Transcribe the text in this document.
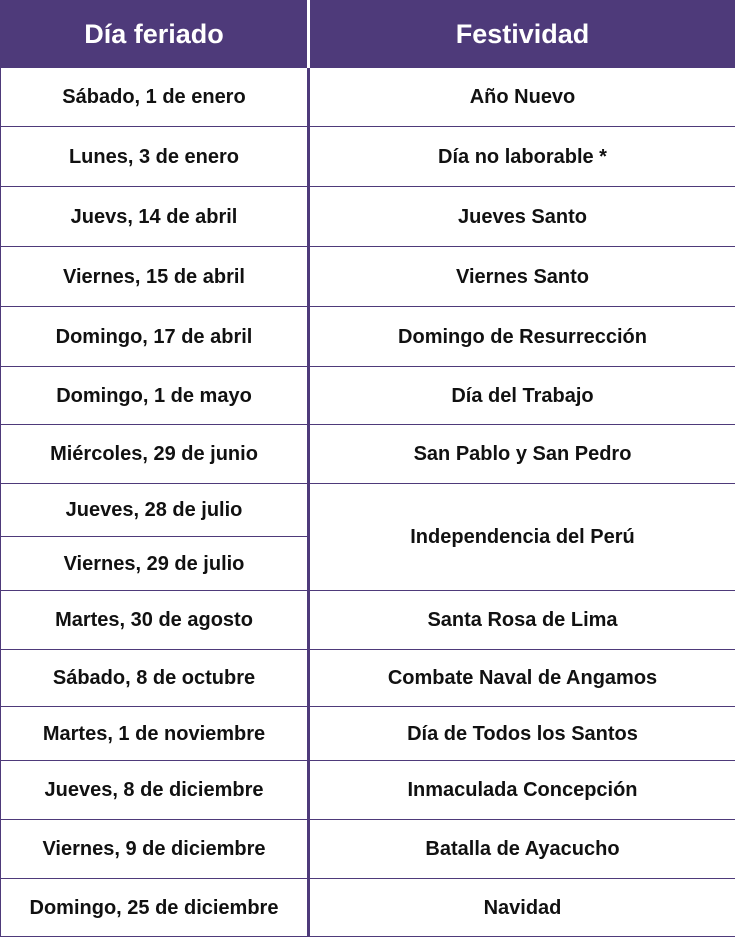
Día feriado	Festividad
Sábado, 1 de enero	Año Nuevo
Lunes, 3 de enero	Día no laborable *
Juevs, 14 de abril	Jueves Santo
Viernes, 15 de abril	Viernes Santo
Domingo, 17 de abril	Domingo de Resurrección
Domingo, 1 de mayo	Día del Trabajo
Miércoles, 29 de junio	San Pablo y San Pedro
Jueves, 28 de julio	Independencia del Perú
Viernes, 29 de julio	
Martes, 30 de agosto	Santa Rosa de Lima
Sábado, 8 de octubre	Combate Naval de Angamos
Martes, 1 de noviembre	Día de Todos los Santos
Jueves, 8 de diciembre	Inmaculada Concepción
Viernes, 9 de diciembre	Batalla de Ayacucho
Domingo, 25 de diciembre	Navidad
